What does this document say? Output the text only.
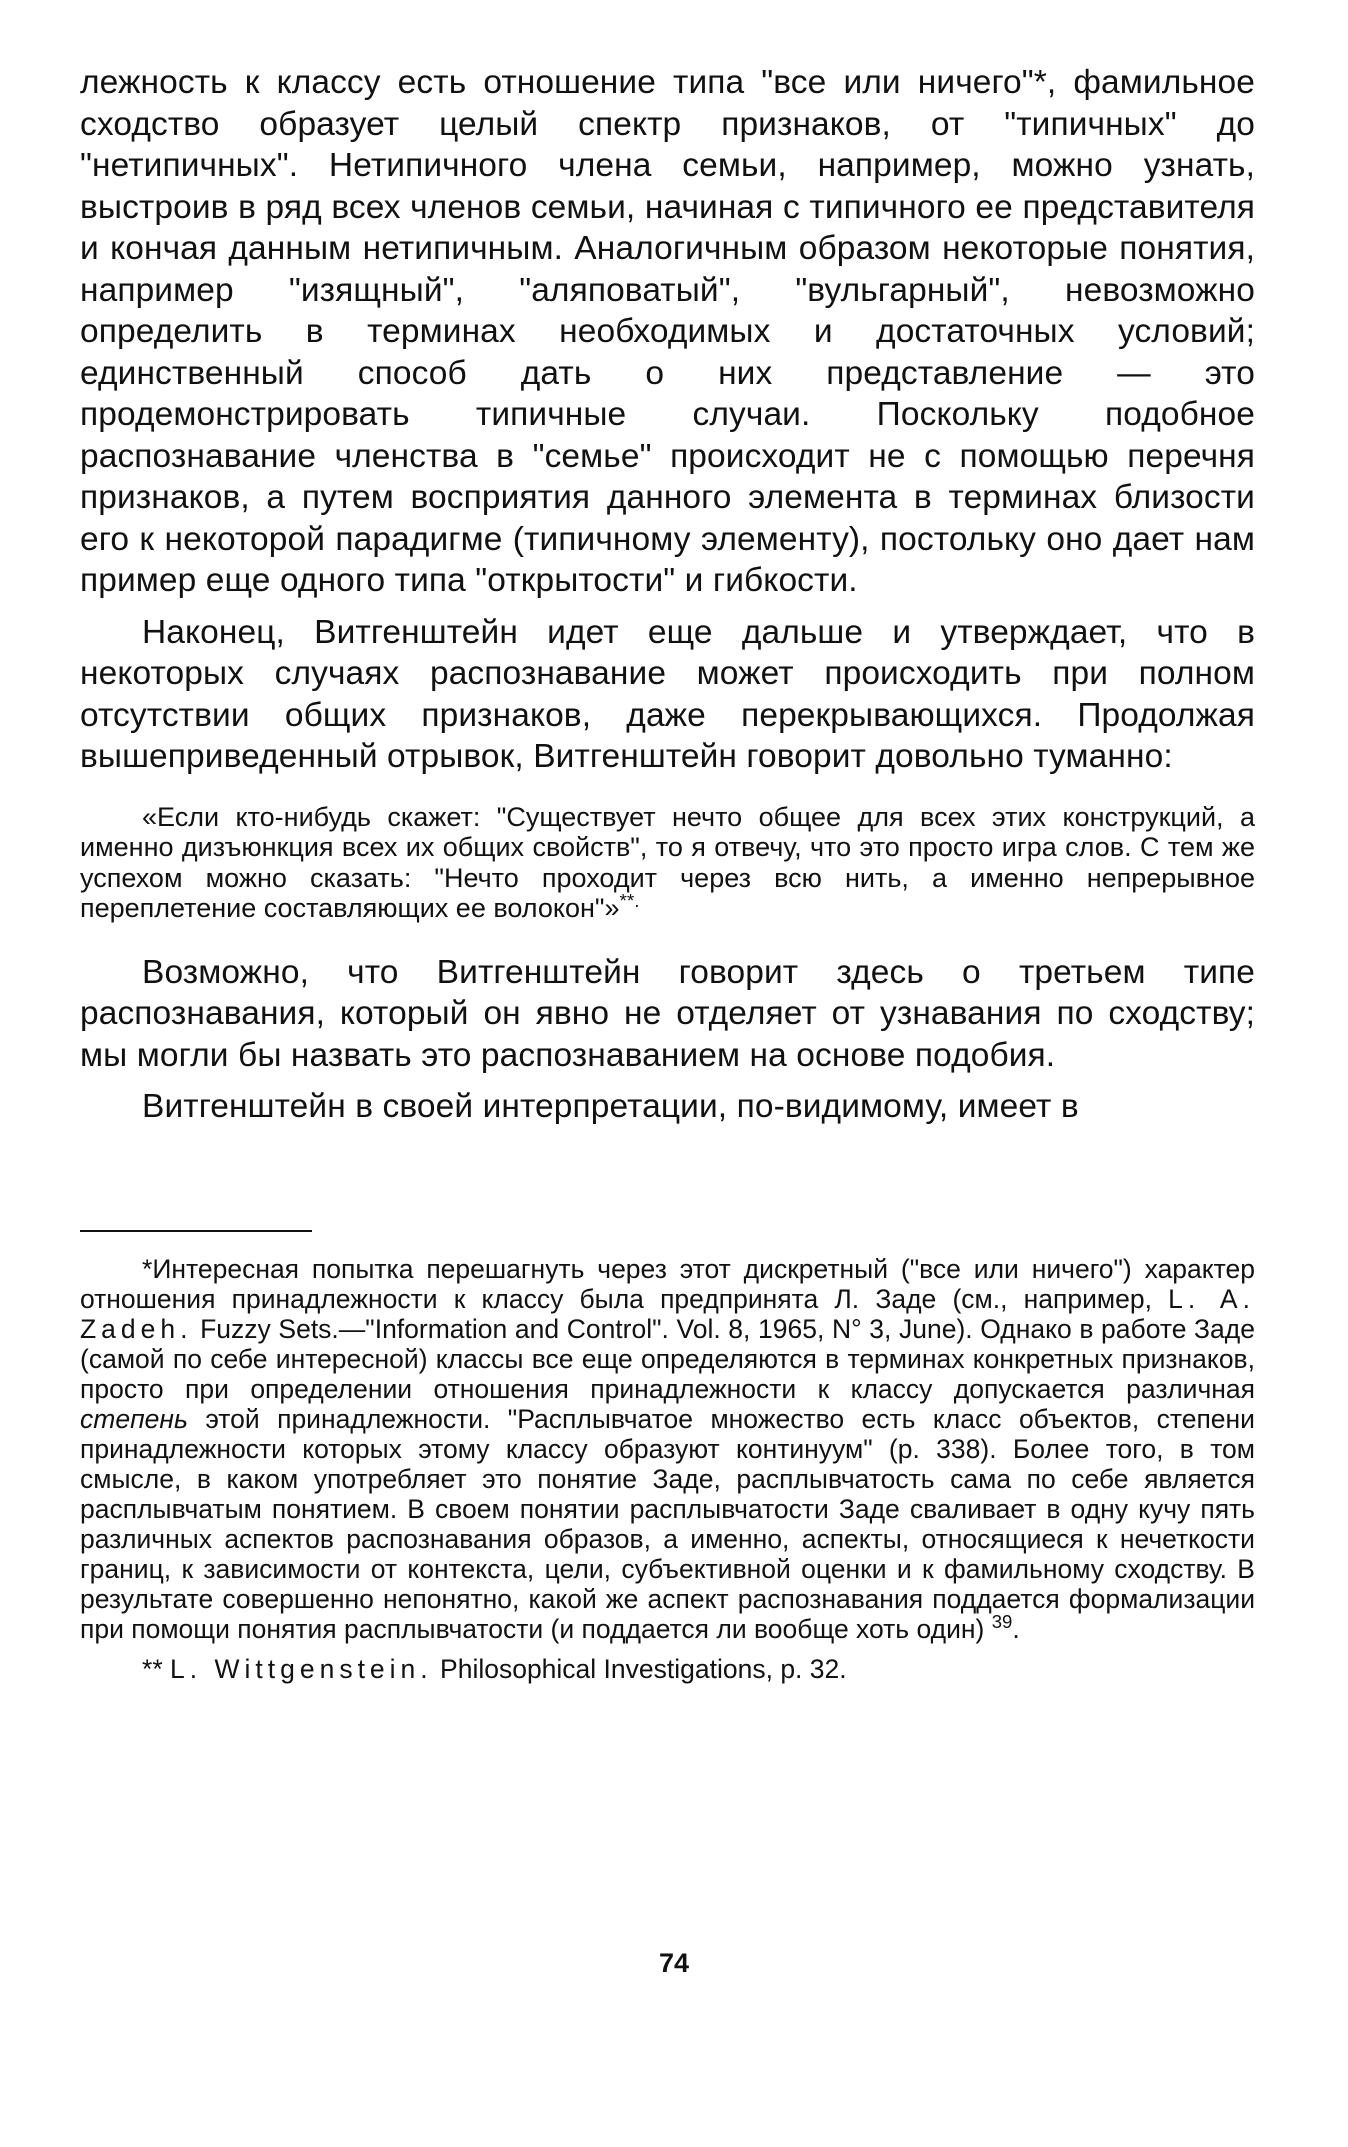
лежность к классу есть отношение типа "все или ничего"*, фамильное сходство образует целый спектр признаков, от "типичных" до "нетипичных". Нетипичного члена семьи, например, можно узнать, выстроив в ряд всех членов семьи, начиная с типичного ее представителя и кончая данным нетипичным. Аналогичным образом некоторые понятия, например "изящный", "аляповатый", "вульгарный", невозможно определить в терминах необходимых и достаточных условий; единственный способ дать о них представление — это продемонстрировать типичные случаи. Поскольку подобное распознавание членства в "семье" происходит не с помощью перечня признаков, а путем восприятия данного элемента в терминах близости его к некоторой парадигме (типичному элементу), постольку оно дает нам пример еще одного типа "открытости" и гибкости.

Наконец, Витгенштейн идет еще дальше и утверждает, что в некоторых случаях распознавание может происходить при полном отсутствии общих признаков, даже перекрывающихся. Продолжая вышеприведенный отрывок, Витгенштейн говорит довольно туманно:

«Если кто-нибудь скажет: "Существует нечто общее для всех этих конструкций, а именно дизъюнкция всех их общих свойств", то я отвечу, что это просто игра слов. С тем же успехом можно сказать: "Нечто проходит через всю нить, а именно непрерывное переплетение составляющих ее волокон"»**.

Возможно, что Витгенштейн говорит здесь о третьем типе распознавания, который он явно не отделяет от узнавания по сходству; мы могли бы назвать это распознаванием на основе подобия.

Витгенштейн в своей интерпретации, по-видимому, имеет в

*Интересная попытка перешагнуть через этот дискретный ("все или ничего") характер отношения принадлежности к классу была предпринята Л. Заде (см., например, L. A. Zadeh. Fuzzy Sets.—"Information and Control". Vol. 8, 1965, N° 3, June). Однако в работе Заде (самой по себе интересной) классы все еще определяются в терминах конкретных признаков, просто при определении отношения принадлежности к классу допускается различная степень этой принадлежности. "Расплывчатое множество есть класс объектов, степени принадлежности которых этому классу образуют континуум" (p. 338). Более того, в том смысле, в каком употребляет это понятие Заде, расплывчатость сама по себе является расплывчатым понятием. В своем понятии расплывчатости Заде сваливает в одну кучу пять различных аспектов распознавания образов, а именно, аспекты, относящиеся к нечеткости границ, к зависимости от контекста, цели, субъективной оценки и к фамильному сходству. В результате совершенно непонятно, какой же аспект распознавания поддается формализации при помощи понятия расплывчатости (и поддается ли вообще хоть один) $^{39}$.

** L. Wittgenstein. Philosophical Investigations, p. 32.

74
